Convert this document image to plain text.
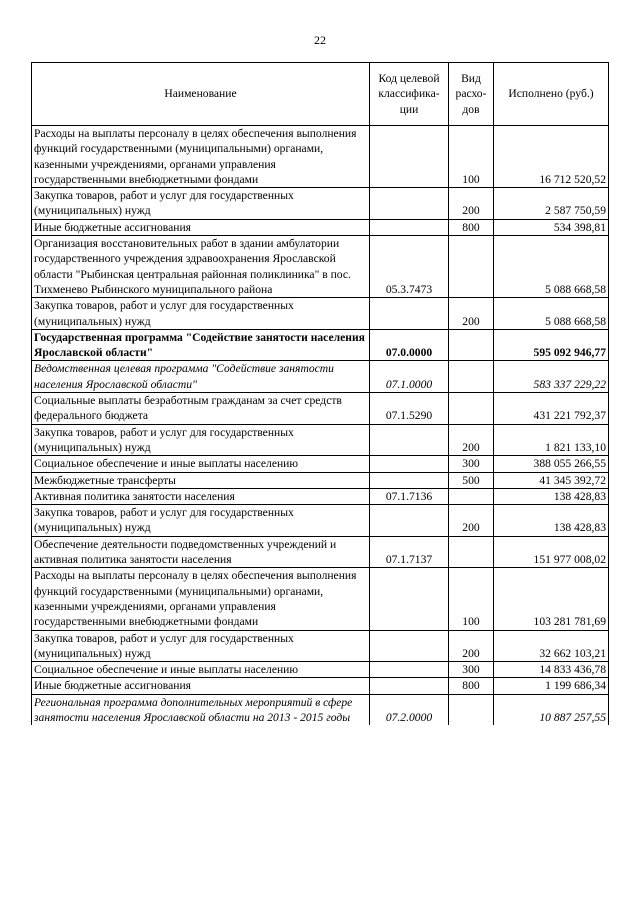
22
Наименование	Код целевой классифика-ции	Вид расхо-дов	Исполнено (руб.)
Расходы на выплаты персоналу в целях обеспечения выполнения функций государственными (муниципальными) органами, казенными учреждениями, органами управления государственными внебюджетными фондами		100	16 712 520,52
Закупка товаров, работ и услуг для государственных (муниципальных) нужд		200	2 587 750,59
Иные бюджетные ассигнования		800	534 398,81
Организация восстановительных работ в здании амбулатории государственного учреждения здравоохранения Ярославской области "Рыбинская центральная районная поликлиника" в пос. Тихменево Рыбинского муниципального района	05.3.7473		5 088 668,58
Закупка товаров, работ и услуг для государственных (муниципальных) нужд		200	5 088 668,58
Государственная программа "Содействие занятости населения Ярославской области"	07.0.0000		595 092 946,77
Ведомственная целевая программа "Содействие занятости населения Ярославской области"	07.1.0000		583 337 229,22
Социальные выплаты безработным гражданам за счет средств федерального бюджета	07.1.5290		431 221 792,37
Закупка товаров, работ и услуг для государственных (муниципальных) нужд		200	1 821 133,10
Социальное обеспечение и иные выплаты населению		300	388 055 266,55
Межбюджетные трансферты		500	41 345 392,72
Активная политика занятости населения	07.1.7136		138 428,83
Закупка товаров, работ и услуг для государственных (муниципальных) нужд		200	138 428,83
Обеспечение деятельности подведомственных учреждений и активная политика занятости населения	07.1.7137		151 977 008,02
Расходы на выплаты персоналу в целях обеспечения выполнения функций государственными (муниципальными) органами, казенными учреждениями, органами управления государственными внебюджетными фондами		100	103 281 781,69
Закупка товаров, работ и услуг для государственных (муниципальных) нужд		200	32 662 103,21
Социальное обеспечение и иные выплаты населению		300	14 833 436,78
Иные бюджетные ассигнования		800	1 199 686,34
Региональная программа дополнительных мероприятий в сфере занятости населения Ярославской области на 2013 - 2015 годы	07.2.0000		10 887 257,55
